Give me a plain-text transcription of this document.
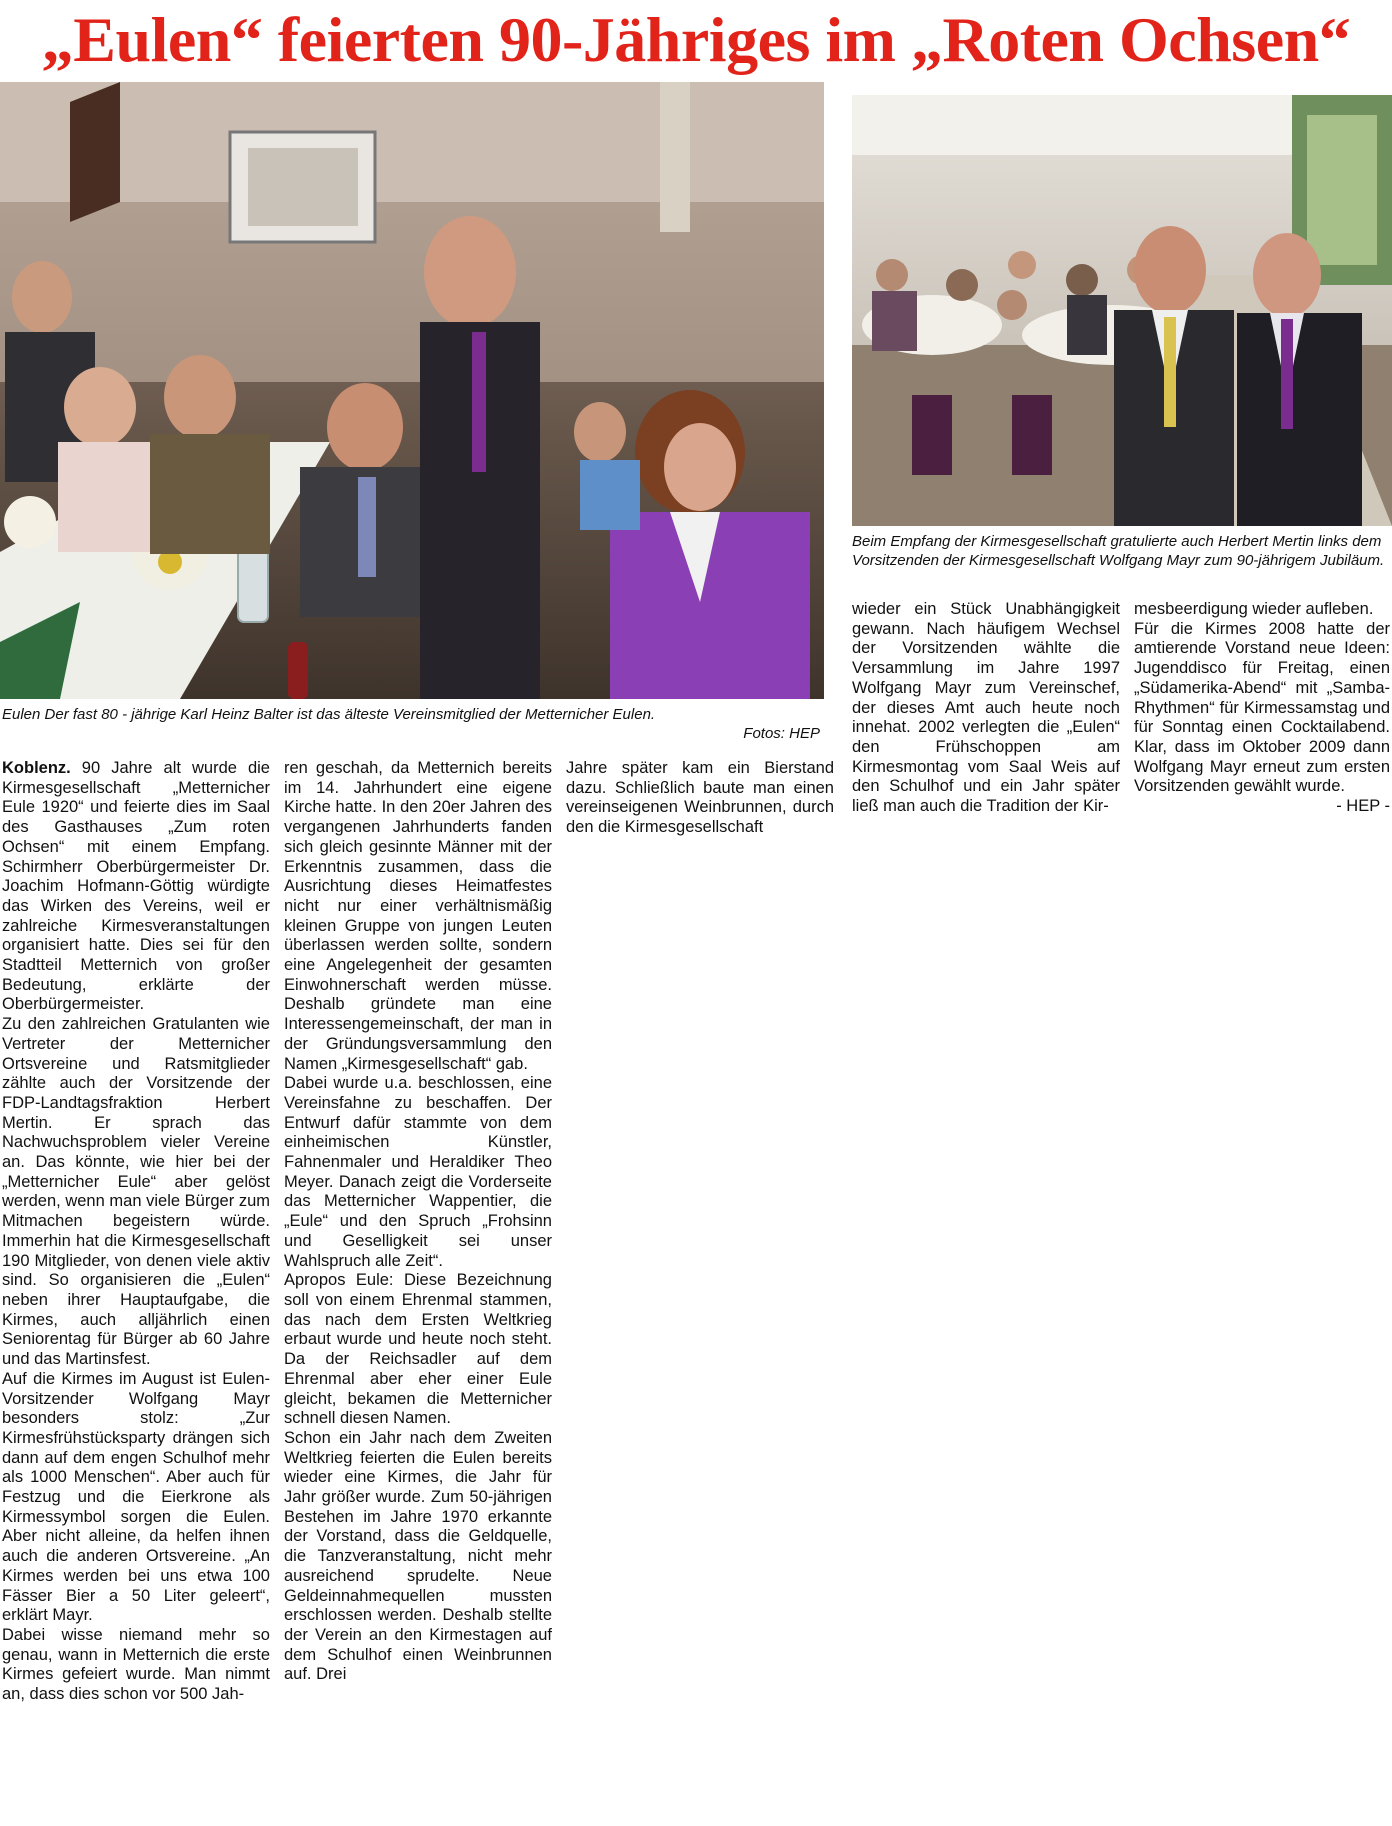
„Eulen“ feierten 90-Jähriges im „Roten Ochsen“
Beim Empfang der Kirmesgesellschaft gratulierte auch Herbert Mertin links dem Vorsitzenden der Kirmesgesellschaft Wolfgang Mayr zum 90-jährigem Jubiläum.
Eulen Der fast 80 - jährige Karl Heinz Balter ist das älteste Vereinsmitglied der Metternicher Eulen.
Fotos: HEP

Koblenz. 90 Jahre alt wurde die Kirmesgesellschaft „Metternicher Eule 1920“ und feierte dies im Saal des Gasthauses „Zum roten Ochsen“ mit einem Empfang. Schirmherr Oberbürgermeister Dr. Joachim Hofmann-Göttig würdigte das Wirken des Vereins, weil er zahlreiche Kirmesveranstaltungen organisiert hatte. Dies sei für den Stadtteil Metternich von großer Bedeutung, erklärte der Oberbürgermeister.

Zu den zahlreichen Gratulanten wie Vertreter der Metternicher Ortsvereine und Ratsmitglieder zählte auch der Vorsitzende der FDP-Landtagsfraktion Herbert Mertin. Er sprach das Nachwuchsproblem vieler Vereine an. Das könnte, wie hier bei der „Metternicher Eule“ aber gelöst werden, wenn man viele Bürger zum Mitmachen begeistern würde. Immerhin hat die Kirmesgesellschaft 190 Mitglieder, von denen viele aktiv sind. So organisieren die „Eulen“ neben ihrer Hauptaufgabe, die Kirmes, auch alljährlich einen Seniorentag für Bürger ab 60 Jahre und das Martinsfest.

Auf die Kirmes im August ist Eulen-Vorsitzender Wolfgang Mayr besonders stolz: „Zur Kirmesfrühstücksparty drängen sich dann auf dem engen Schulhof mehr als 1000 Menschen“. Aber auch für Festzug und die Eierkrone als Kirmessymbol sorgen die Eulen. Aber nicht alleine, da helfen ihnen auch die anderen Ortsvereine. „An Kirmes werden bei uns etwa 100 Fässer Bier a 50 Liter geleert“, erklärt Mayr.

Dabei wisse niemand mehr so genau, wann in Metternich die erste Kirmes gefeiert wurde. Man nimmt an, dass dies schon vor 500 Jah-

ren geschah, da Metternich bereits im 14. Jahrhundert eine eigene Kirche hatte. In den 20er Jahren des vergangenen Jahrhunderts fanden sich gleich gesinnte Männer mit der Erkenntnis zusammen, dass die Ausrichtung dieses Heimatfestes nicht nur einer verhältnismäßig kleinen Gruppe von jungen Leuten überlassen werden sollte, sondern eine Angelegenheit der gesamten Einwohnerschaft werden müsse. Deshalb gründete man eine Interessengemeinschaft, der man in der Gründungsversammlung den Namen „Kirmesgesellschaft“ gab.

Dabei wurde u.a. beschlossen, eine Vereinsfahne zu beschaffen. Der Entwurf dafür stammte von dem einheimischen Künstler, Fahnenmaler und Heraldiker Theo Meyer. Danach zeigt die Vorderseite das Metternicher Wappentier, die „Eule“ und den Spruch „Frohsinn und Geselligkeit sei unser Wahlspruch alle Zeit“.

Apropos Eule: Diese Bezeichnung soll von einem Ehrenmal stammen, das nach dem Ersten Weltkrieg erbaut wurde und heute noch steht. Da der Reichsadler auf dem Ehrenmal aber eher einer Eule gleicht, bekamen die Metternicher schnell diesen Namen.

Schon ein Jahr nach dem Zweiten Weltkrieg feierten die Eulen bereits wieder eine Kirmes, die Jahr für Jahr größer wurde. Zum 50-jährigen Bestehen im Jahre 1970 erkannte der Vorstand, dass die Geldquelle, die Tanzveranstaltung, nicht mehr ausreichend sprudelte. Neue Geldeinnahmequellen mussten erschlossen werden. Deshalb stellte der Verein an den Kirmestagen auf dem Schulhof einen Weinbrunnen auf. Drei

Jahre später kam ein Bierstand dazu. Schließlich baute man einen vereinseigenen Weinbrunnen, durch den die Kirmesgesellschaft

wieder ein Stück Unabhängigkeit gewann. Nach häufigem Wechsel der Vorsitzenden wählte die Versammlung im Jahre 1997 Wolfgang Mayr zum Vereinschef, der dieses Amt auch heute noch innehat. 2002 verlegten die „Eulen“ den Frühschoppen am Kirmesmontag vom Saal Weis auf den Schulhof und ein Jahr später ließ man auch die Tradition der Kir-

mesbeerdigung wieder aufleben.

Für die Kirmes 2008 hatte der amtierende Vorstand neue Ideen: Jugenddisco für Freitag, einen „Südamerika-Abend“ mit „Samba-Rhythmen“ für Kirmessamstag und für Sonntag einen Cocktailabend. Klar, dass im Oktober 2009 dann Wolfgang Mayr erneut zum ersten Vorsitzenden gewählt wurde.
- HEP -
